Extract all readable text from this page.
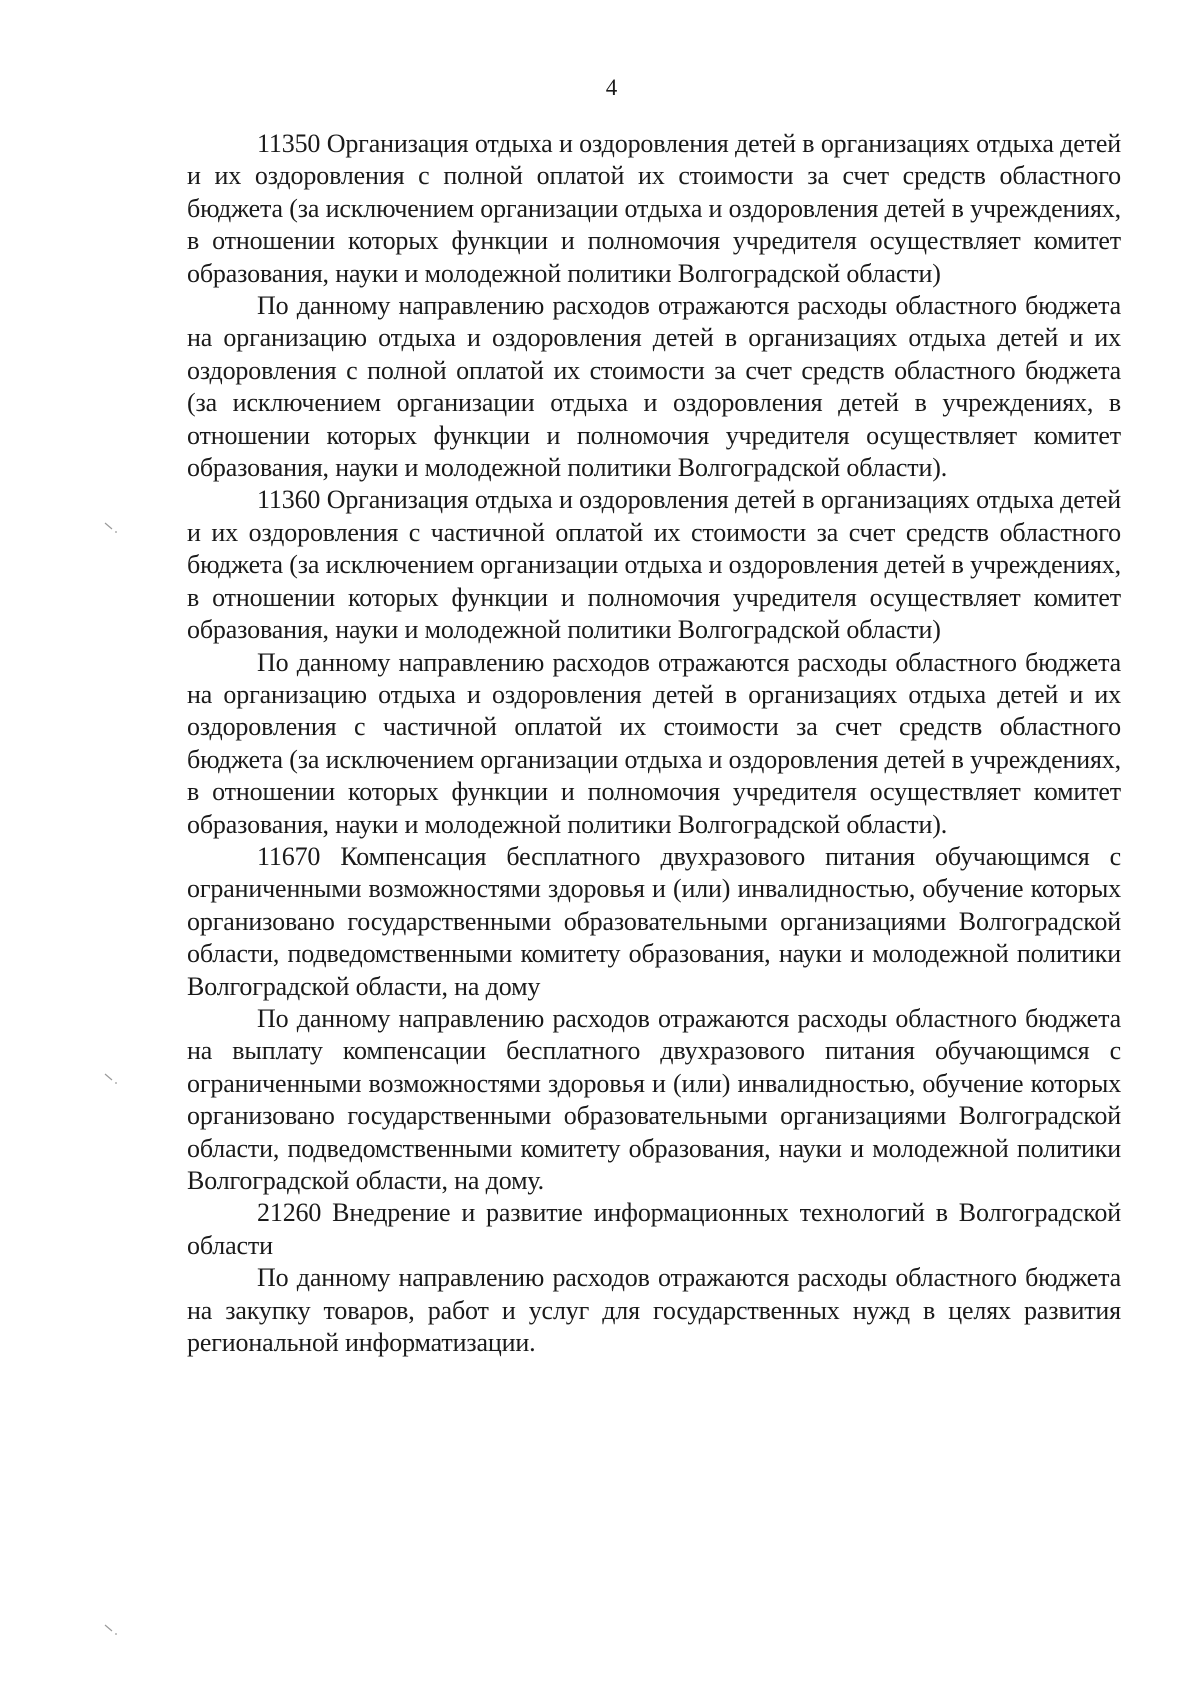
4

11350 Организация отдыха и оздоровления детей в организациях отдыха детей и их оздоровления с полной оплатой их стоимости за счет средств областного бюджета (за исключением организации отдыха и оздоровления детей в учреждениях, в отношении которых функции и полномочия учредителя осуществляет комитет образования, науки и молодежной политики Волгоградской области)

По данному направлению расходов отражаются расходы областного бюджета на организацию отдыха и оздоровления детей в организациях отдыха детей и их оздоровления с полной оплатой их стоимости за счет средств областного бюджета (за исключением организации отдыха и оздоровления детей в учреждениях, в отношении которых функции и полномочия учредителя осуществляет комитет образования, науки и молодежной политики Волгоградской области).

11360 Организация отдыха и оздоровления детей в организациях отдыха детей и их оздоровления с частичной оплатой их стоимости за счет средств областного бюджета (за исключением организации отдыха и оздоровления детей в учреждениях, в отношении которых функции и полномочия учредителя осуществляет комитет образования, науки и молодежной политики Волгоградской области)

По данному направлению расходов отражаются расходы областного бюджета на организацию отдыха и оздоровления детей в организациях отдыха детей и их оздоровления с частичной оплатой их стоимости за счет средств областного бюджета (за исключением организации отдыха и оздоровления детей в учреждениях, в отношении которых функции и полномочия учредителя осуществляет комитет образования, науки и молодежной политики Волгоградской области).

11670 Компенсация бесплатного двухразового питания обучающимся с ограниченными возможностями здоровья и (или) инвалидностью, обучение которых организовано государственными образовательными организациями Волгоградской области, подведомственными комитету образования, науки и молодежной политики Волгоградской области, на дому

По данному направлению расходов отражаются расходы областного бюджета на выплату компенсации бесплатного двухразового питания обучающимся с ограниченными возможностями здоровья и (или) инвалидностью, обучение которых организовано государственными образовательными организациями Волгоградской области, подведомственными комитету образования, науки и молодежной политики Волгоградской области, на дому.

21260 Внедрение и развитие информационных технологий в Волгоградской области

По данному направлению расходов отражаются расходы областного бюджета на закупку товаров, работ и услуг для государственных нужд в целях развития региональной информатизации.
